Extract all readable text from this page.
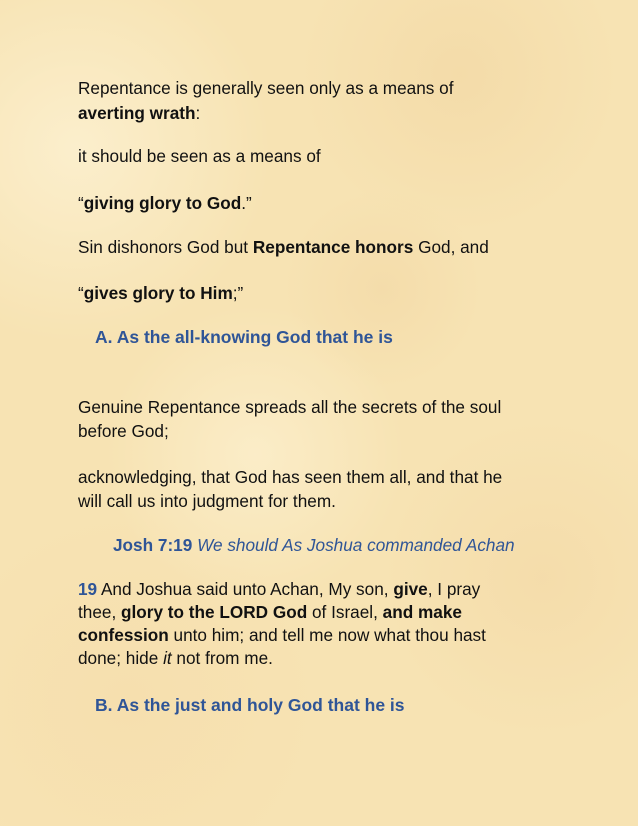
Repentance is generally seen only as a means of
averting wrath:
it should be seen as a means of
“giving glory to God.”
Sin dishonors God but Repentance honors God, and
“gives glory to Him;”
A. As the all-knowing God that he is
Genuine Repentance spreads all the secrets of the soul
before God;
acknowledging, that God has seen them all, and that he
will call us into judgment for them.
Josh 7:19 We should As Joshua commanded Achan
19 And Joshua said unto Achan, My son, give, I pray
thee, glory to the LORD God of Israel, and make
confession unto him; and tell me now what thou hast
done; hide it not from me.
B. As the just and holy God that he is
